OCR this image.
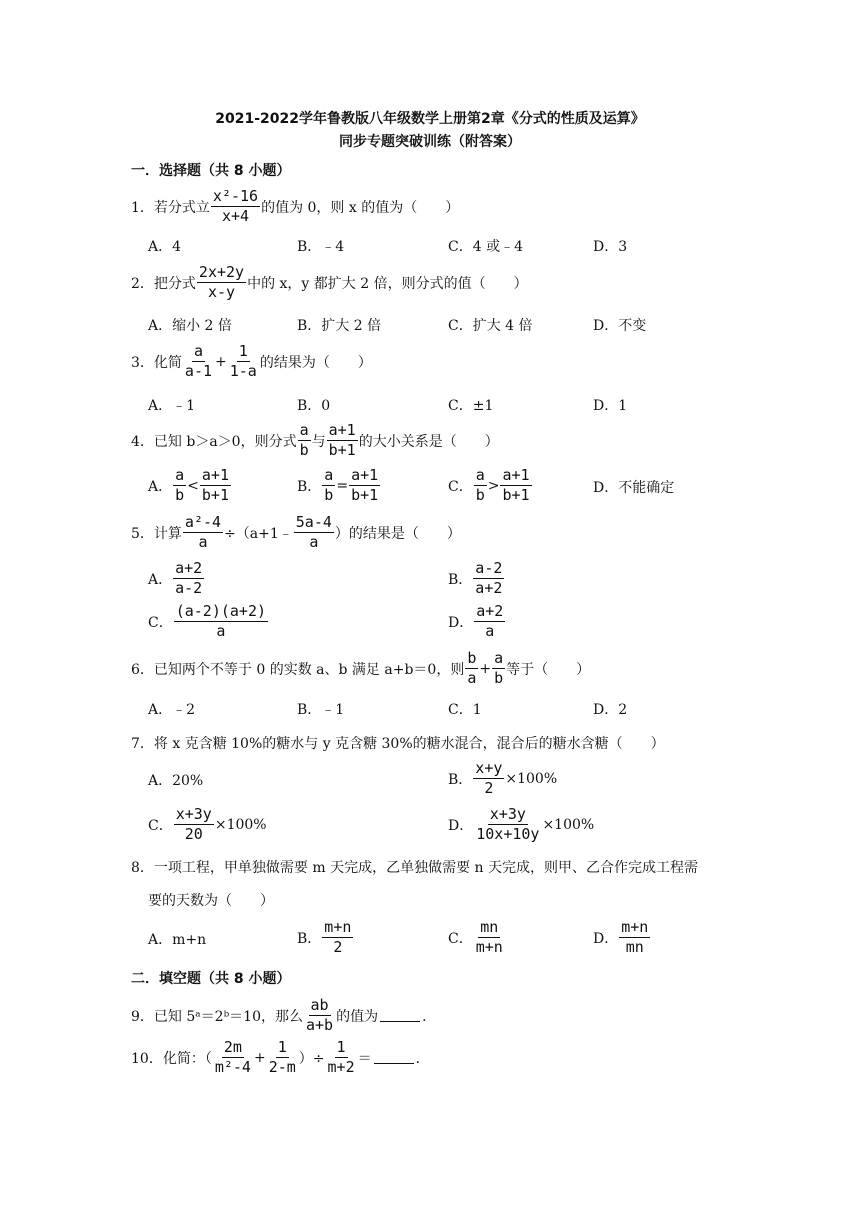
2021-2022学年鲁教版八年级数学上册第2章《分式的性质及运算》
同步专题突破训练（附答案）
一．选择题（共 8 小题）
1．若分式立 $\frac{\text{x²-16}}{x+4}$ 的值为 0，则 x 的值为（　　）
A．4	B．﹣4	C．4 或﹣4	D．3
2．把分式 $\frac{2x+2y}{x-y}$ 中的 x，y 都扩大 2 倍，则分式的值（　　）
A．缩小 2 倍	B．扩大 2 倍	C．扩大 4 倍	D．不变
3．化简 $\frac{a}{a-1} + \frac{1}{1-a}$ 的结果为（　　）
A．﹣1	B．0	C．±1	D．1
4．已知 b＞a＞0，则分式 $\frac{a}{b}$ 与 $\frac{a+1}{b+1}$ 的大小关系是（　　）
A． $\frac{a}{b} < \frac{a+1}{b+1}$	B． $\frac{a}{b} = \frac{a+1}{b+1}$	C． $\frac{a}{b} > \frac{a+1}{b+1}$	D．不能确定
5．计算 $\frac{\text{a²-4}}{a}$ ÷（a+1﹣ $\frac{5a-4}{a}$ ）的结果是（　　）
A． $\frac{a+2}{a-2}$	B． $\frac{a-2}{a+2}$
C． $\frac{(a-2)(a+2)}{a}$	D． $\frac{a+2}{a}$
6．已知两个不等于 0 的实数 a、b 满足 a+b＝0，则 $\frac{b}{a} + \frac{a}{b}$ 等于（　　）
A．﹣2	B．﹣1	C．1	D．2
7．将 x 克含糖 10%的糖水与 y 克含糖 30%的糖水混合，混合后的糖水含糖（　　）
A．20%	B． $\frac{x+y}{2} \times 100\%$
C． $\frac{x+3y}{20} \times 100\%$	D． $\frac{x+3y}{10x+10y} \times 100\%$
8．一项工程，甲单独做需要 m 天完成，乙单独做需要 n 天完成，则甲、乙合作完成工程需
要的天数为（　　）
A．m+n	B． $\frac{m+n}{2}$	C． $\frac{mn}{m+n}$	D． $\frac{m+n}{mn}$
二．填空题（共 8 小题）
9．已知 5ᵃ＝2ᵇ＝10，那么 $\frac{ab}{a+b}$ 的值为	．
10．化简：（ $\frac{2m}{\text{m²-4}} + \frac{1}{2-m}$ ）÷ $\frac{1}{m+2}$ ＝	．
